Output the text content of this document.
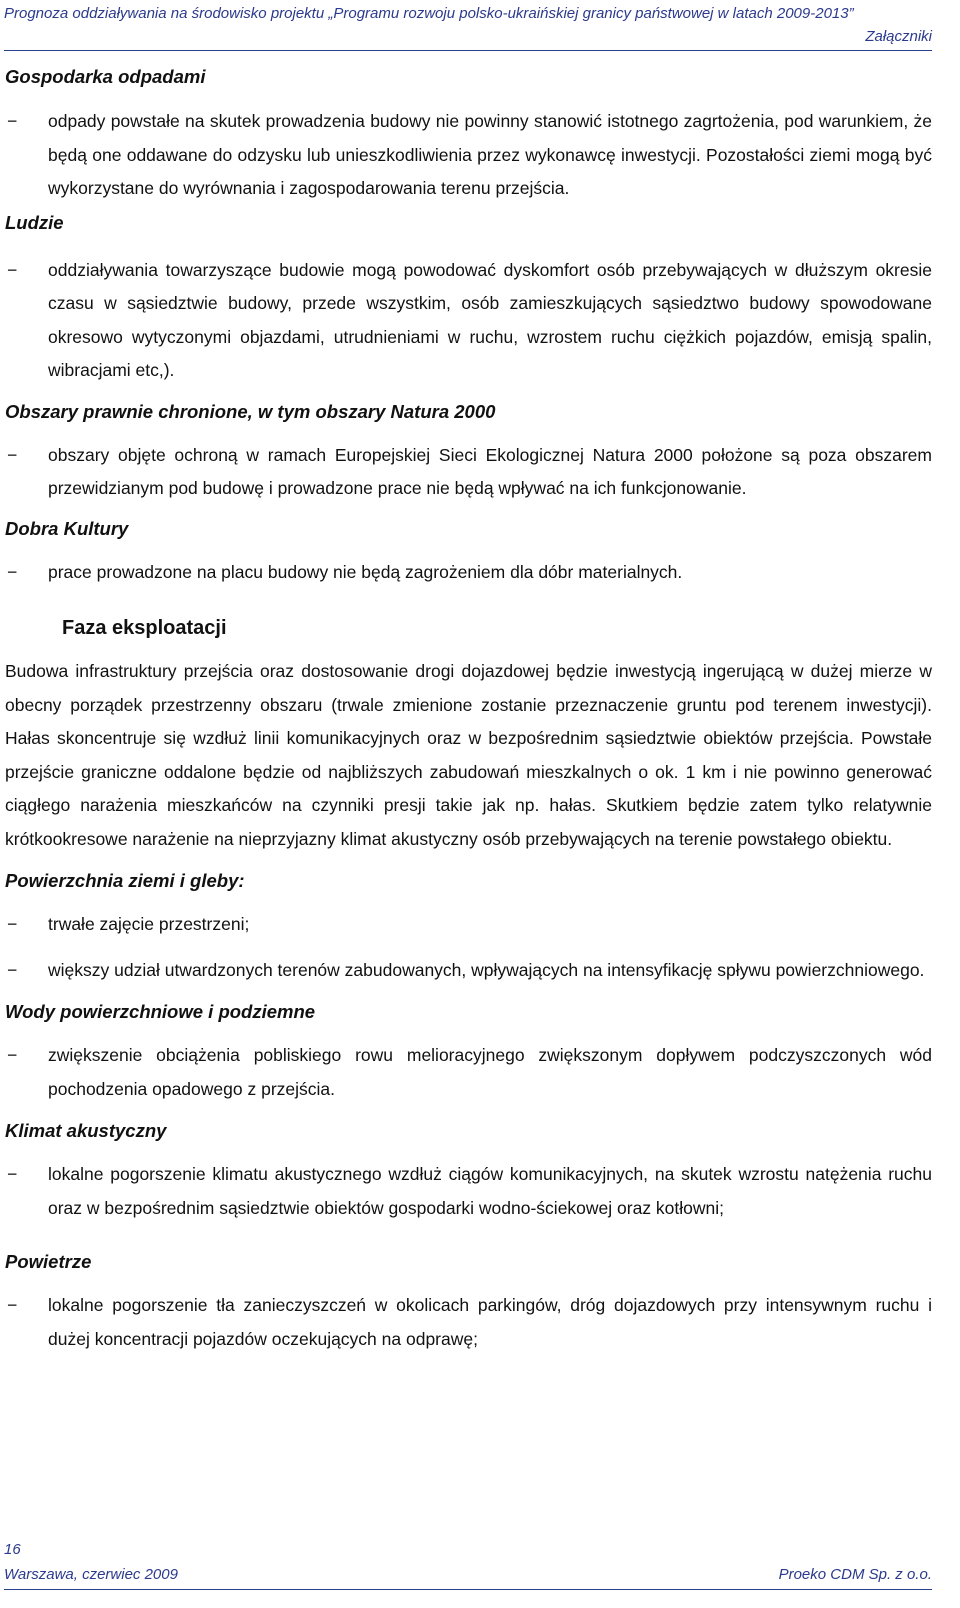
Prognoza oddziaływania na środowisko projektu „Programu rozwoju polsko-ukraińskiej granicy państwowej w latach 2009-2013”
Załączniki
Gospodarka odpadami
− odpady powstałe na skutek prowadzenia budowy nie powinny stanowić istotnego zagrtożenia, pod warunkiem, że będą one oddawane do odzysku lub unieszkodliwienia przez wykonawcę inwestycji. Pozostałości ziemi mogą być wykorzystane do wyrównania i zagospodarowania terenu przejścia.
Ludzie
− oddziaływania towarzyszące budowie mogą powodować dyskomfort osób przebywających w dłuższym okresie czasu w sąsiedztwie budowy, przede wszystkim, osób zamieszkujących sąsiedztwo budowy spowodowane okresowo wytyczonymi objazdami, utrudnieniami w ruchu, wzrostem ruchu ciężkich pojazdów, emisją spalin, wibracjami etc,).
Obszary prawnie chronione, w tym obszary Natura 2000
− obszary objęte ochroną w ramach Europejskiej Sieci Ekologicznej Natura 2000 położone są poza obszarem przewidzianym pod budowę i prowadzone prace nie będą wpływać na ich funkcjonowanie.
Dobra Kultury
− prace prowadzone na placu budowy nie będą zagrożeniem dla dóbr materialnych.
Faza eksploatacji

Budowa infrastruktury przejścia oraz dostosowanie drogi dojazdowej będzie inwestycją ingerującą w dużej mierze w obecny porządek przestrzenny obszaru (trwale zmienione zostanie przeznaczenie gruntu pod terenem inwestycji). Hałas skoncentruje się wzdłuż linii komunikacyjnych oraz w bezpośrednim sąsiedztwie obiektów przejścia. Powstałe przejście graniczne oddalone będzie od najbliższych zabudowań mieszkalnych o ok. 1 km i nie powinno generować ciągłego narażenia mieszkańców na czynniki presji takie jak np. hałas. Skutkiem będzie zatem tylko relatywnie krótkookresowe narażenie na nieprzyjazny klimat akustyczny osób przebywających na terenie powstałego obiektu.

Powierzchnia ziemi i gleby:
− trwałe zajęcie przestrzeni;
− większy udział utwardzonych terenów zabudowanych, wpływających na intensyfikację spływu powierzchniowego.
Wody powierzchniowe i podziemne
− zwiększenie obciążenia pobliskiego rowu melioracyjnego zwiększonym dopływem podczyszczonych wód pochodzenia opadowego z przejścia.
Klimat akustyczny
− lokalne pogorszenie klimatu akustycznego wzdłuż ciągów komunikacyjnych, na skutek wzrostu natężenia ruchu oraz w bezpośrednim sąsiedztwie obiektów gospodarki wodno-ściekowej oraz kotłowni;
Powietrze
− lokalne pogorszenie tła zanieczyszczeń w okolicach parkingów, dróg dojazdowych przy intensywnym ruchu i dużej koncentracji pojazdów oczekujących na odprawę;
16
Warszawa, czerwiec 2009	Proeko CDM Sp. z o.o.
